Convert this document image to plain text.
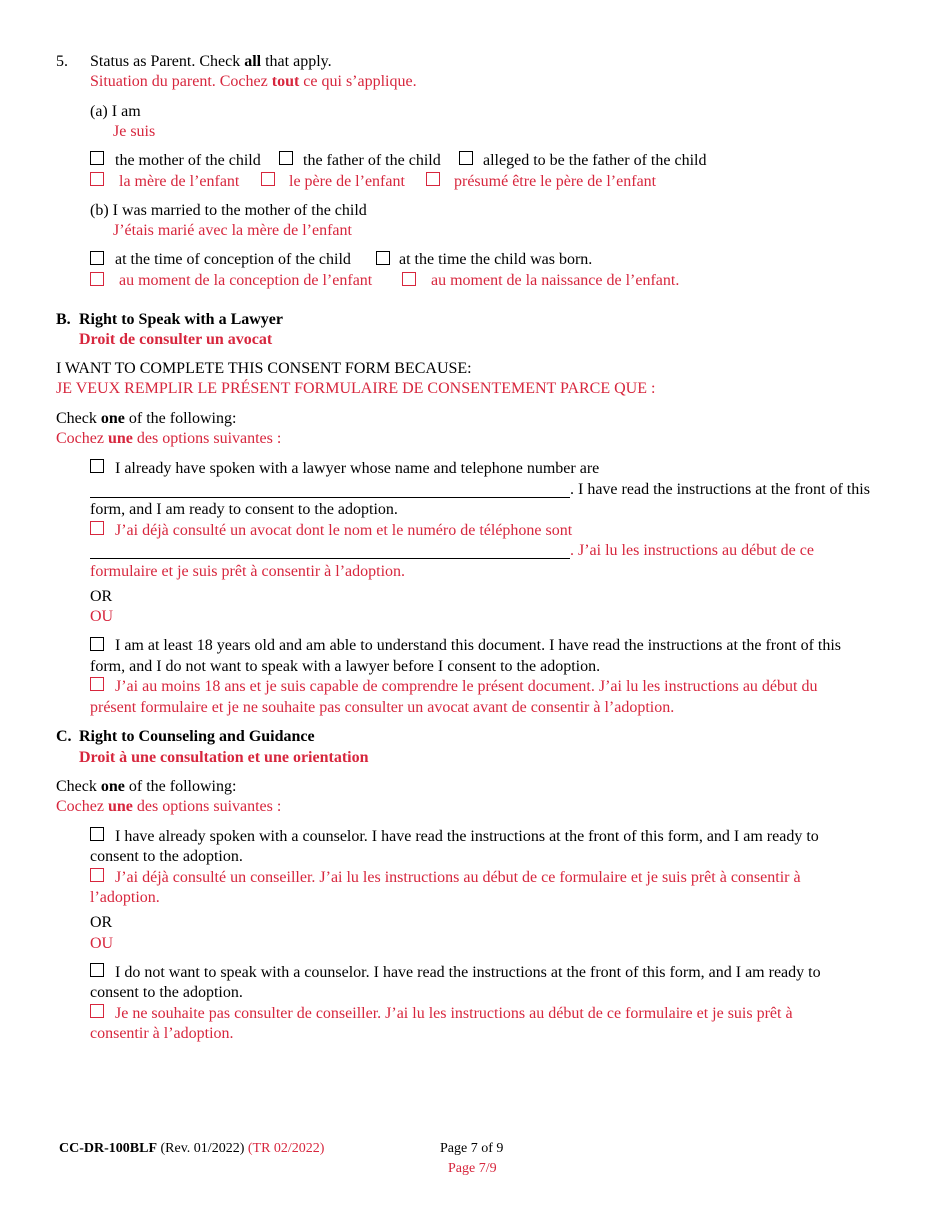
5. Status as Parent. Check all that apply.
Situation du parent. Cochez tout ce qui s’applique.
(a) I am
Je suis
the mother of the child	the father of the child	alleged to be the father of the child
la mère de l’enfant	le père de l’enfant	présumé être le père de l’enfant
(b) I was married to the mother of the child
J’étais marié avec la mère de l’enfant
at the time of conception of the child	at the time the child was born.
au moment de la conception de l’enfant	au moment de la naissance de l’enfant.
B. Right to Speak with a Lawyer
Droit de consulter un avocat
I WANT TO COMPLETE THIS CONSENT FORM BECAUSE:
JE VEUX REMPLIR LE PRÉSENT FORMULAIRE DE CONSENTEMENT PARCE QUE :
Check one of the following:
Cochez une des options suivantes :
I already have spoken with a lawyer whose name and telephone number are
. I have read the instructions at the front of this
form, and I am ready to consent to the adoption.
J’ai déjà consulté un avocat dont le nom et le numéro de téléphone sont
. J’ai lu les instructions au début de ce
formulaire et je suis prêt à consentir à l’adoption.
OR
OU
I am at least 18 years old and am able to understand this document. I have read the instructions at the front of this
form, and I do not want to speak with a lawyer before I consent to the adoption.
J’ai au moins 18 ans et je suis capable de comprendre le présent document. J’ai lu les instructions au début du
présent formulaire et je ne souhaite pas consulter un avocat avant de consentir à l’adoption.
C. Right to Counseling and Guidance
Droit à une consultation et une orientation
Check one of the following:
Cochez une des options suivantes :
I have already spoken with a counselor. I have read the instructions at the front of this form, and I am ready to
consent to the adoption.
J’ai déjà consulté un conseiller. J’ai lu les instructions au début de ce formulaire et je suis prêt à consentir à
l’adoption.
OR
OU
I do not want to speak with a counselor. I have read the instructions at the front of this form, and I am ready to
consent to the adoption.
Je ne souhaite pas consulter de conseiller. J’ai lu les instructions au début de ce formulaire et je suis prêt à
consentir à l’adoption.
CC-DR-100BLF (Rev. 01/2022) (TR 02/2022)	Page 7 of 9
Page 7/9
